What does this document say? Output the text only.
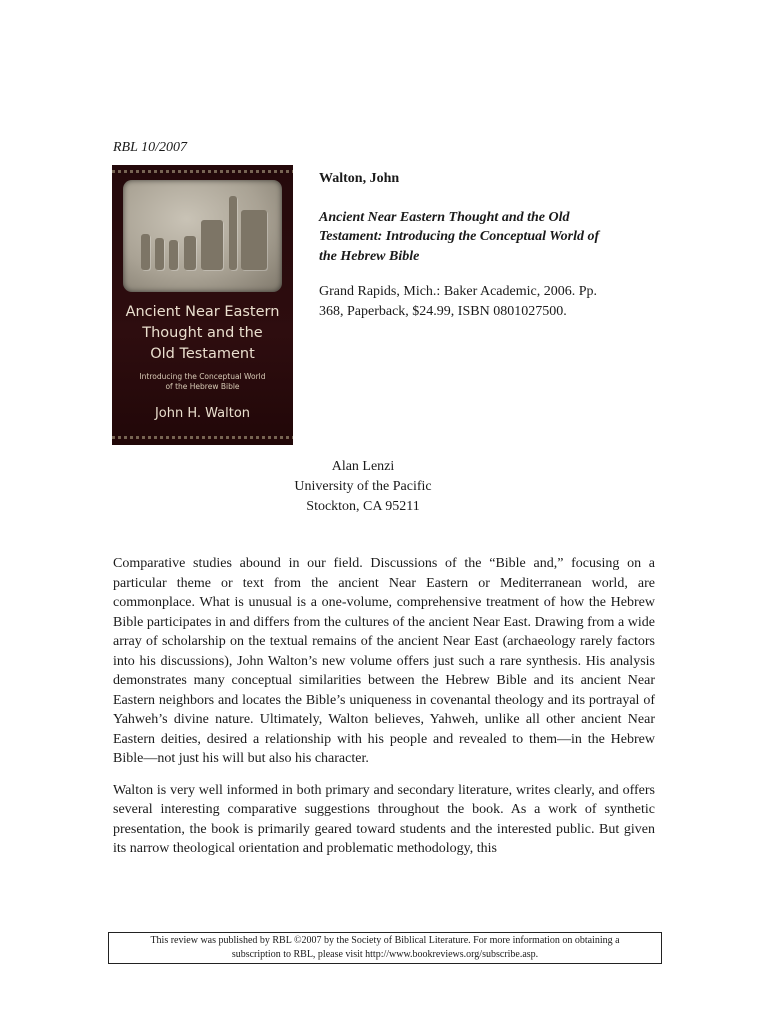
RBL 10/2007
Ancient Near Eastern
Thought and the
Old Testament
Introducing the Conceptual World
of the Hebrew Bible
John H. Walton

Walton, John

Ancient Near Eastern Thought and the Old Testament: Introducing the Conceptual World of the Hebrew Bible

Grand Rapids, Mich.: Baker Academic, 2006. Pp. 368, Paperback, $24.99, ISBN 0801027500.

Alan Lenzi
University of the Pacific
Stockton, CA 95211

Comparative studies abound in our field. Discussions of the “Bible and,” focusing on a particular theme or text from the ancient Near Eastern or Mediterranean world, are commonplace. What is unusual is a one-volume, comprehensive treatment of how the Hebrew Bible participates in and differs from the cultures of the ancient Near East. Drawing from a wide array of scholarship on the textual remains of the ancient Near East (archaeology rarely factors into his discussions), John Walton’s new volume offers just such a rare synthesis. His analysis demonstrates many conceptual similarities between the Hebrew Bible and its ancient Near Eastern neighbors and locates the Bible’s uniqueness in covenantal theology and its portrayal of Yahweh’s divine nature. Ultimately, Walton believes, Yahweh, unlike all other ancient Near Eastern deities, desired a relationship with his people and revealed to them—in the Hebrew Bible—not just his will but also his character.

Walton is very well informed in both primary and secondary literature, writes clearly, and offers several interesting comparative suggestions throughout the book. As a work of synthetic presentation, the book is primarily geared toward students and the interested public. But given its narrow theological orientation and problematic methodology, this

This review was published by RBL ©2007 by the Society of Biblical Literature. For more information on obtaining a
subscription to RBL, please visit http://www.bookreviews.org/subscribe.asp.
